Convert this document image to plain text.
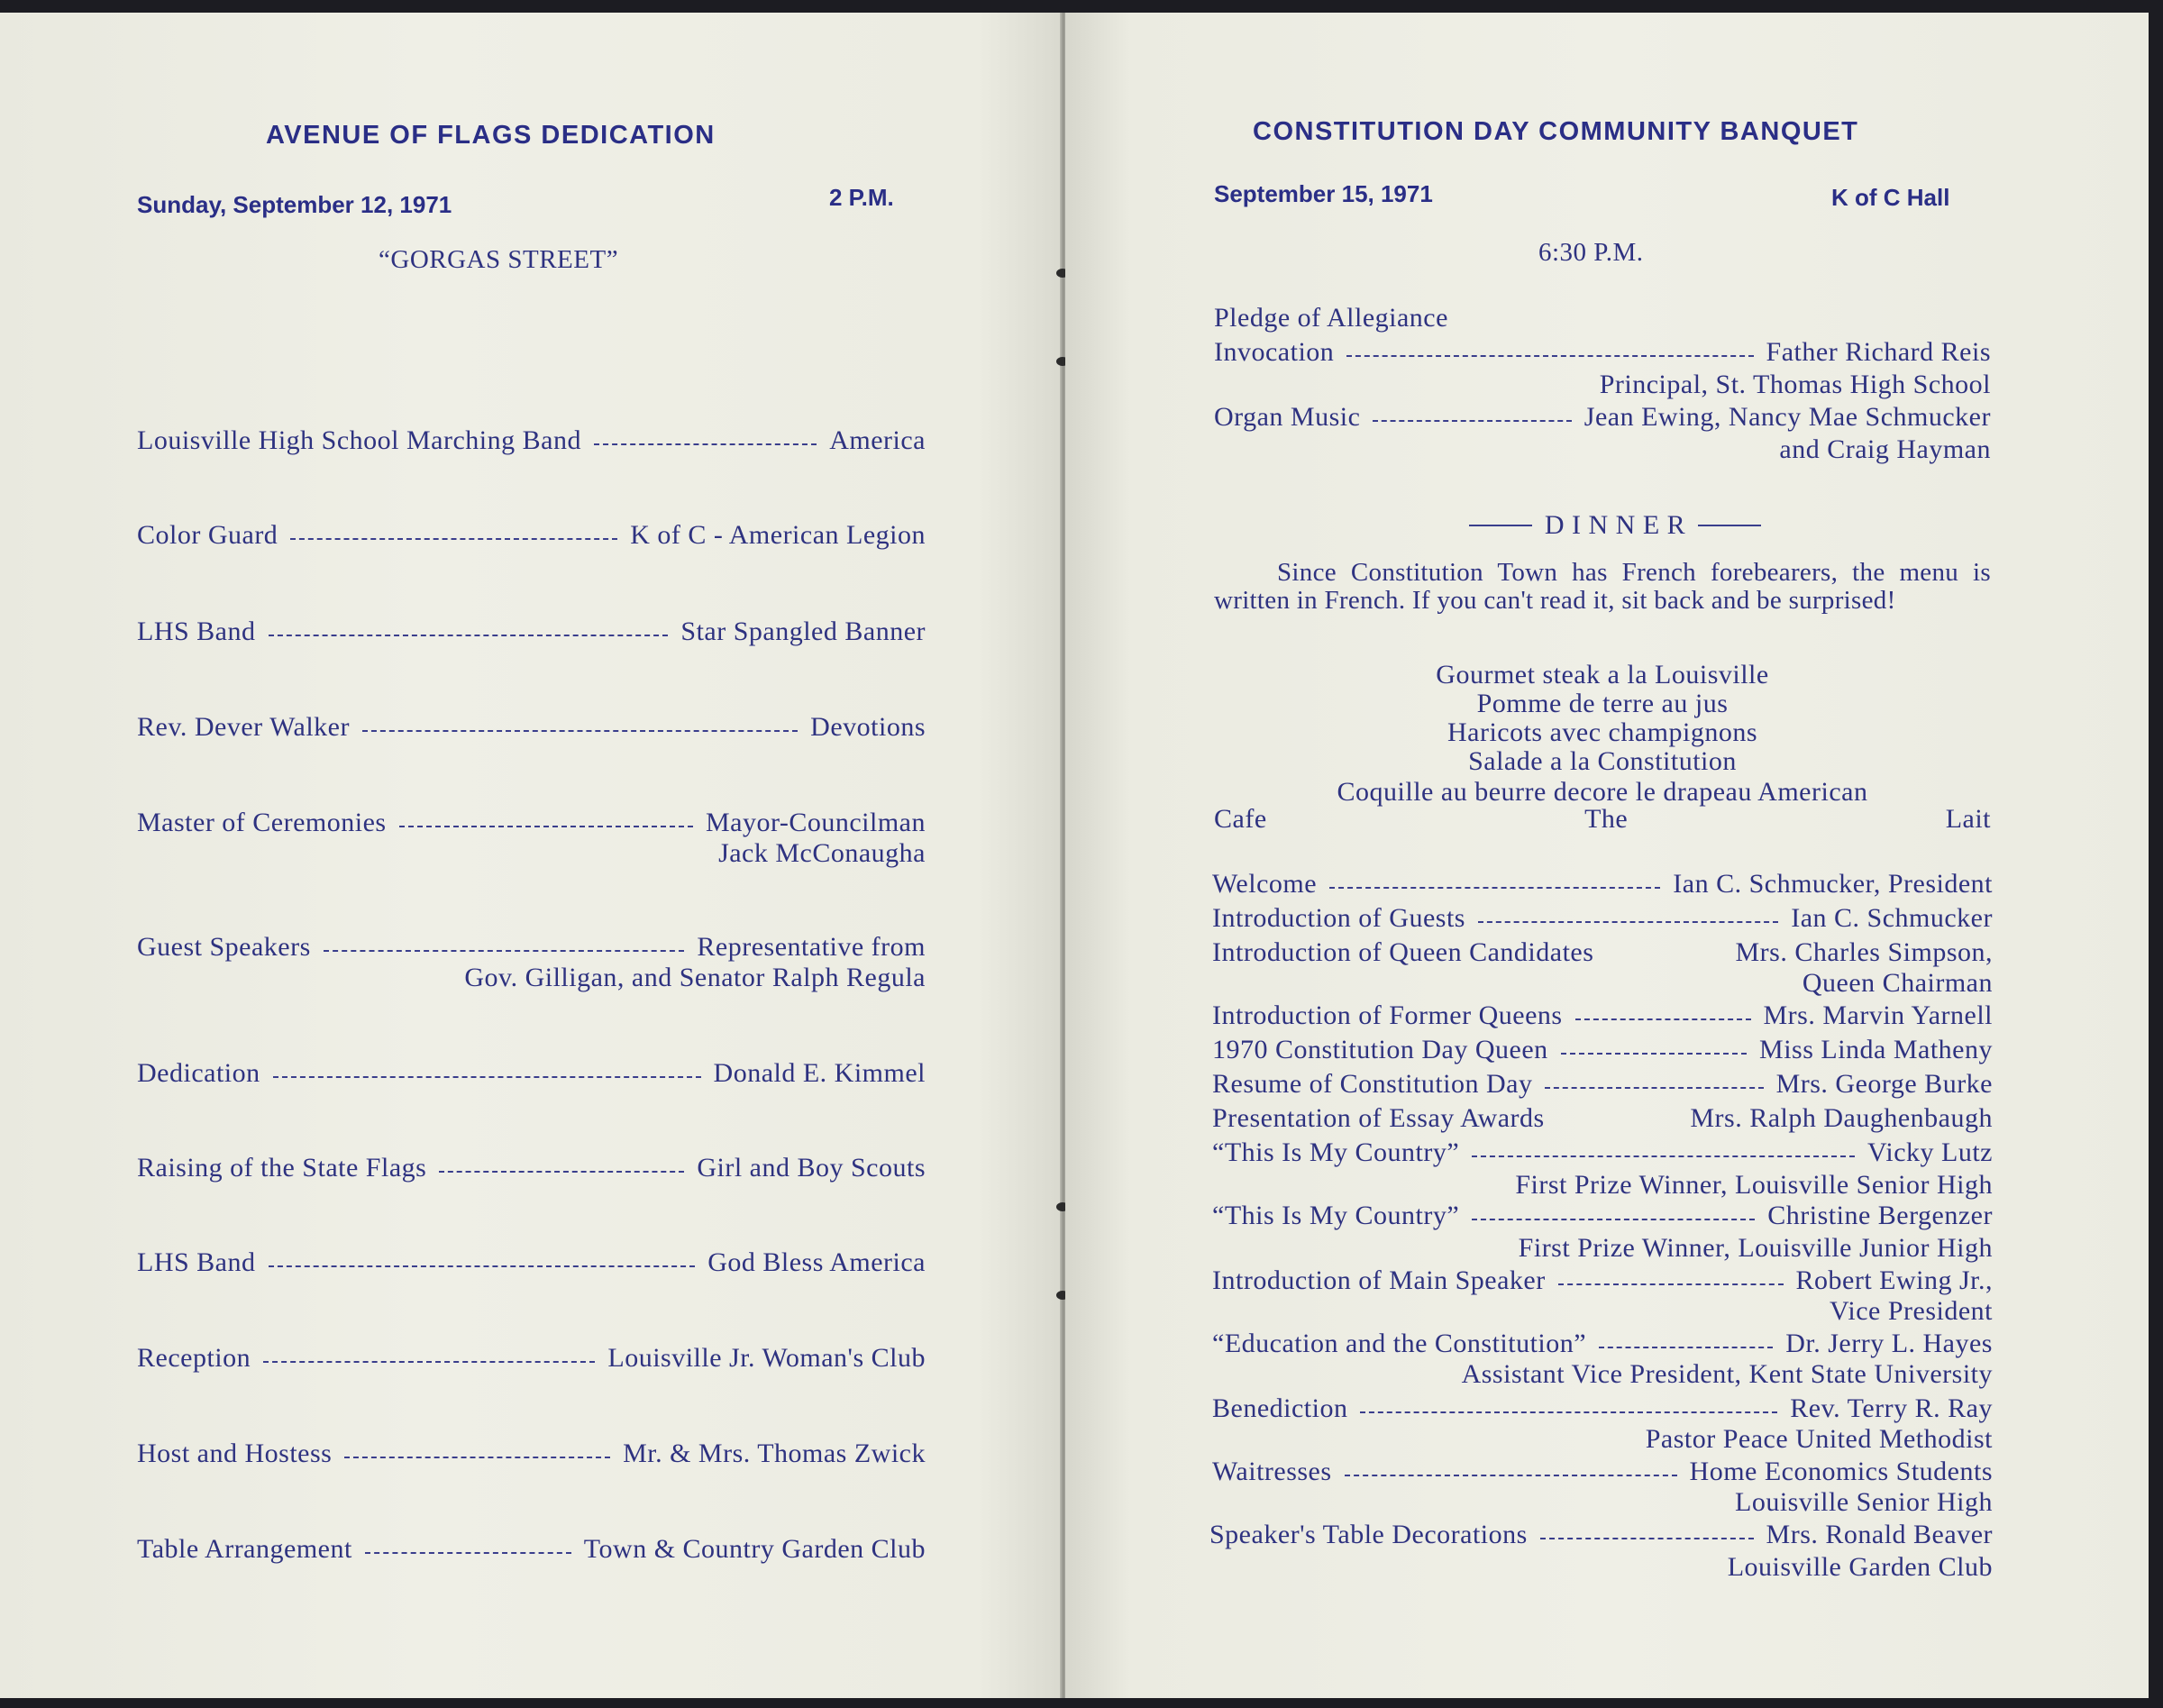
AVENUE OF FLAGS DEDICATION
Sunday, September 12, 1971	2 P.M.
“GORGAS STREET”
Louisville High School Marching Band	America
Color Guard	K of C - American Legion
LHS Band	Star Spangled Banner
Rev. Dever Walker	Devotions
Master of Ceremonies	Mayor-Councilman
Jack McConaugha
Guest Speakers	Representative from
Gov. Gilligan, and Senator Ralph Regula
Dedication	Donald E. Kimmel
Raising of the State Flags	Girl and Boy Scouts
LHS Band	God Bless America
Reception	Louisville Jr. Woman's Club
Host and Hostess	Mr. & Mrs. Thomas Zwick
Table Arrangement	Town & Country Garden Club
CONSTITUTION DAY COMMUNITY BANQUET
September 15, 1971	K of C Hall
6:30 P.M.
Pledge of Allegiance
Invocation	Father Richard Reis
Principal, St. Thomas High School
Organ Music	Jean Ewing, Nancy Mae Schmucker
and Craig Hayman
D I N N E R
Since Constitution Town has French forebearers, the menu is written in French. If you can't read it, sit back and be surprised!
Gourmet steak a la Louisville
Pomme de terre au jus
Haricots avec champignons
Salade a la Constitution
Coquille au beurre decore le drapeau American
Cafe	The	Lait
Welcome	Ian C. Schmucker, President
Introduction of Guests	Ian C. Schmucker
Introduction of Queen Candidates	Mrs. Charles Simpson,
Queen Chairman
Introduction of Former Queens	Mrs. Marvin Yarnell
1970 Constitution Day Queen	Miss Linda Matheny
Resume of Constitution Day	Mrs. George Burke
Presentation of Essay Awards	Mrs. Ralph Daughenbaugh
“This Is My Country”	Vicky Lutz
First Prize Winner, Louisville Senior High
“This Is My Country”	Christine Bergenzer
First Prize Winner, Louisville Junior High
Introduction of Main Speaker	Robert Ewing Jr.,
Vice President
“Education and the Constitution”	Dr. Jerry L. Hayes
Assistant Vice President, Kent State University
Benediction	Rev. Terry R. Ray
Pastor Peace United Methodist
Waitresses	Home Economics Students
Louisville Senior High
Speaker's Table Decorations	Mrs. Ronald Beaver
Louisville Garden Club
